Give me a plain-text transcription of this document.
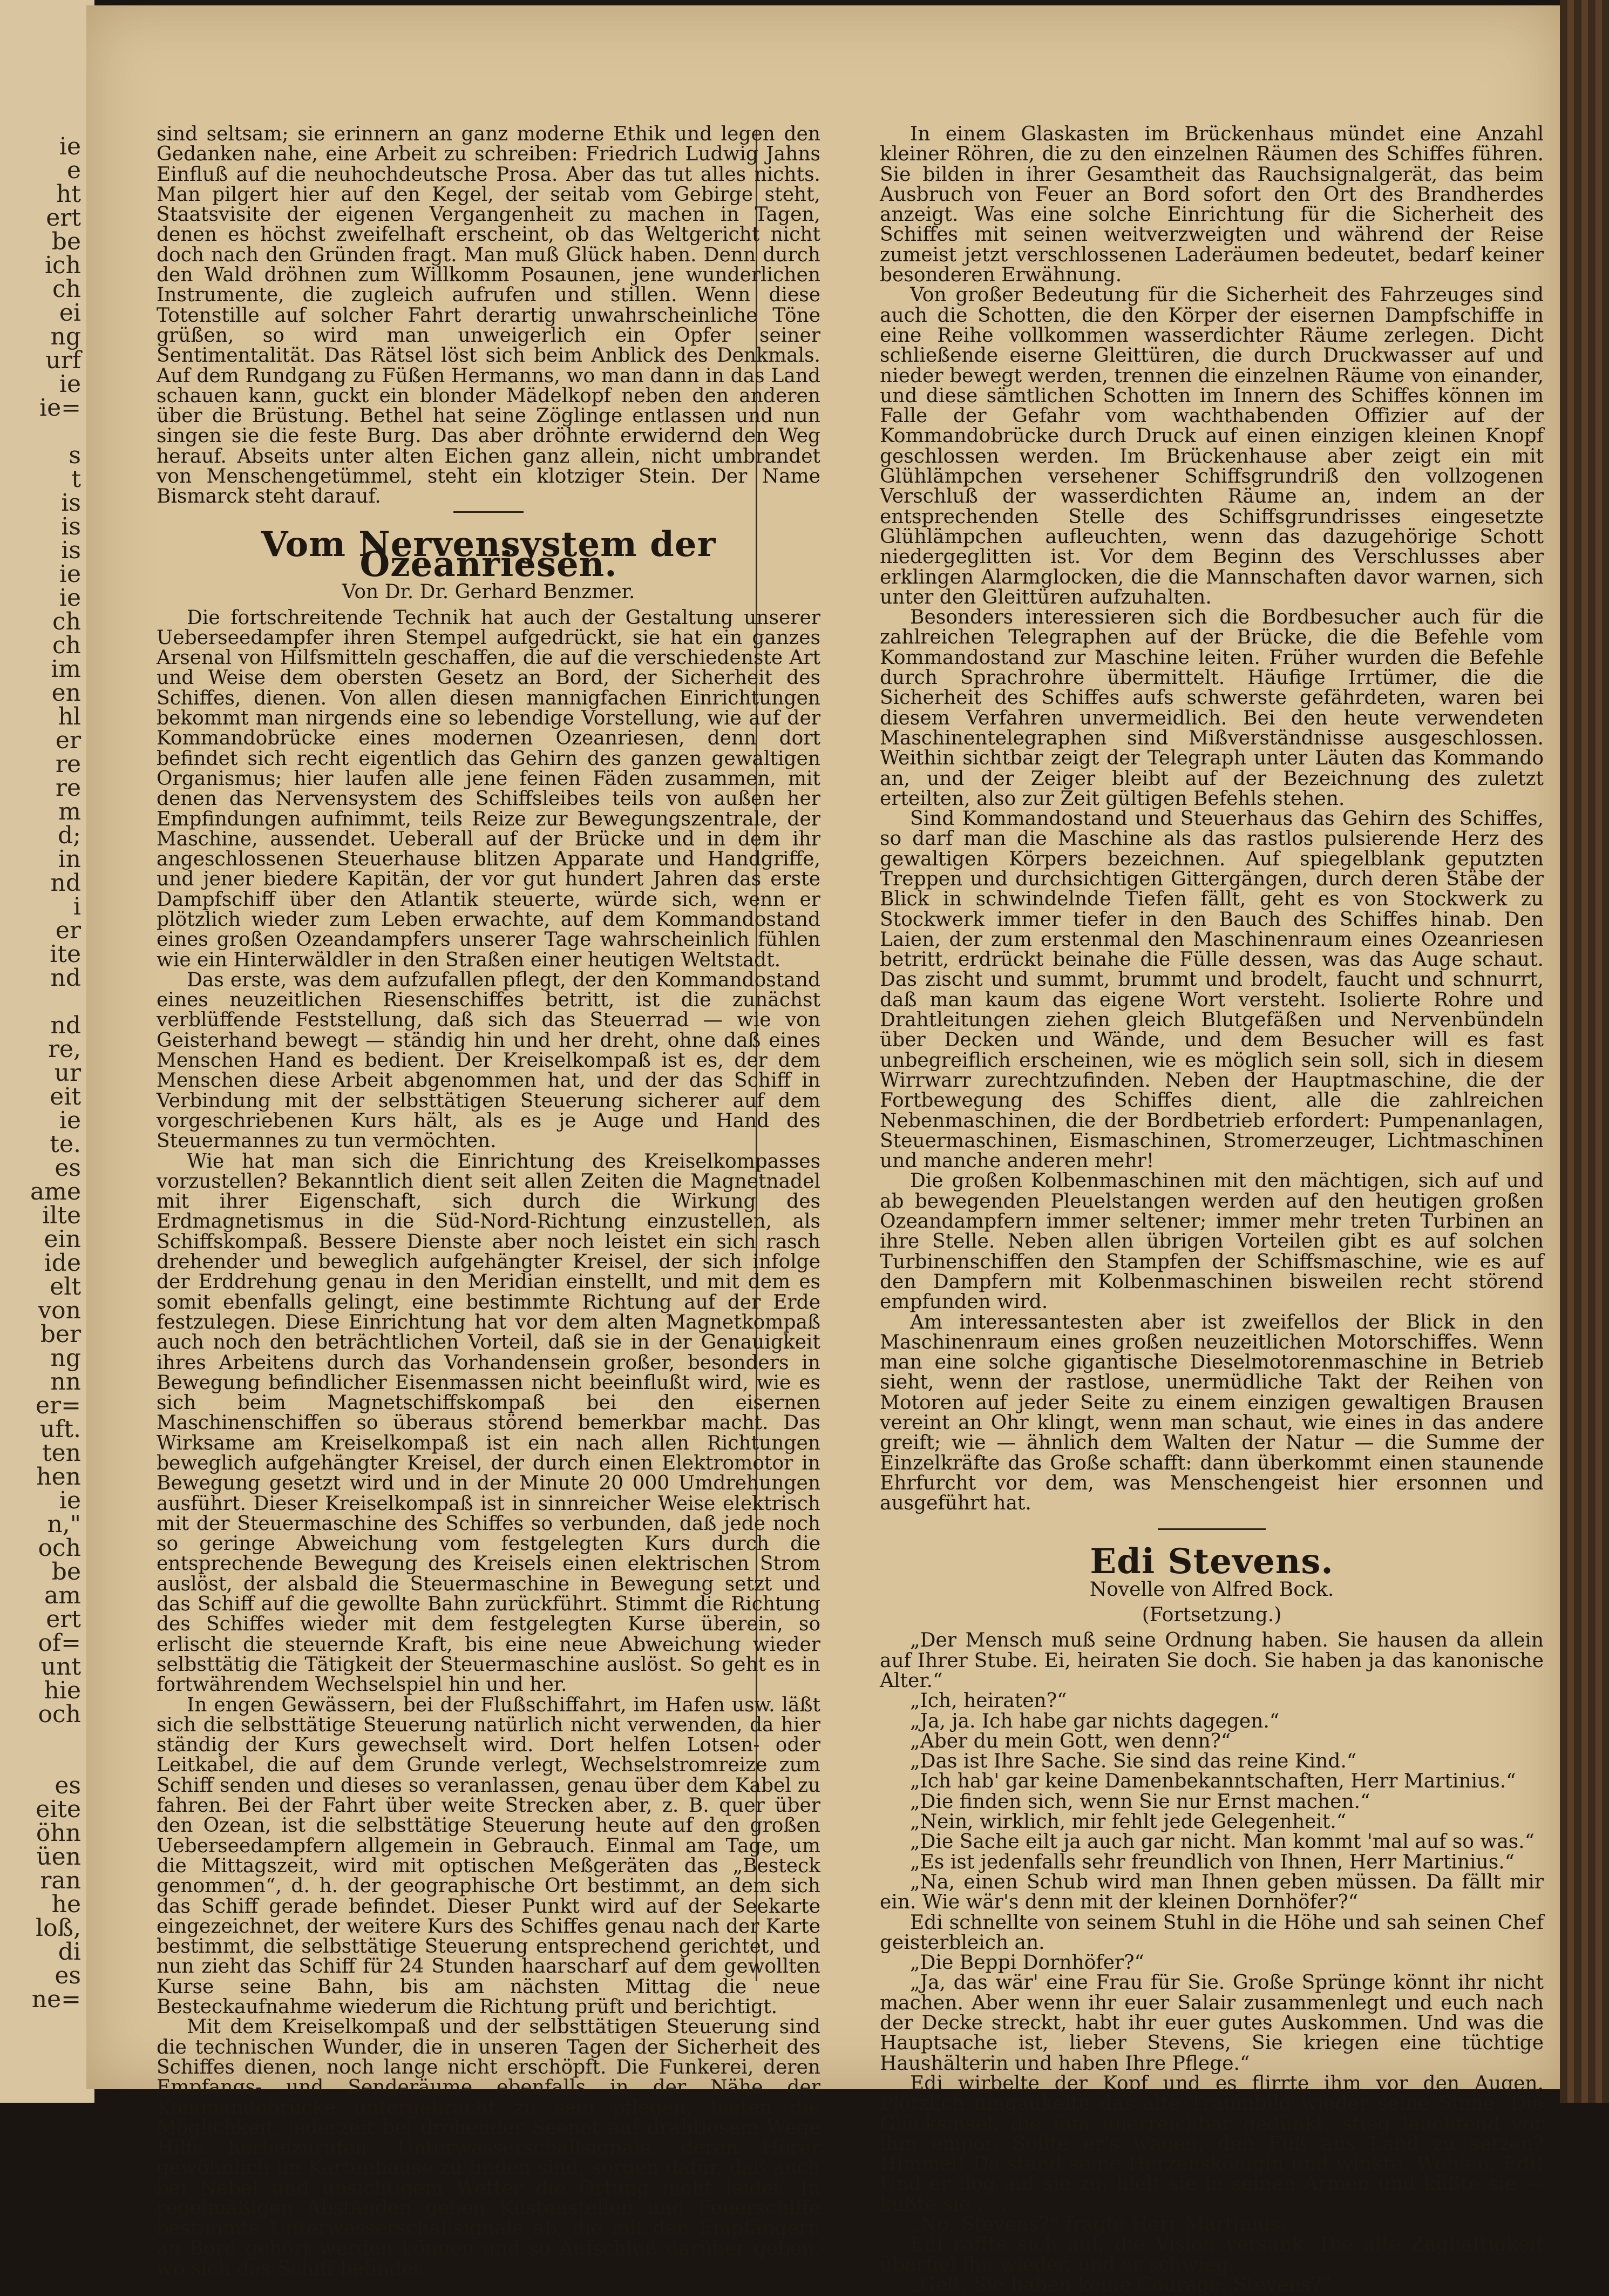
ie
e
ht
ert
be
ich
ch
ei
ng
urf
ie
ie=
s
t
is
is
is
ie
ie
ch
ch
im
en
hl
er
re
re
m
d;
in
nd
i
er
ite
nd
nd
re,
ur
eit
ie
te.
es
ame
ilte
ein
ide
elt
von
ber
ng
nn
er=
uft.
ten
hen
ie
n,"
och
be
am
ert
of=
unt
hie
och
es
eite
öhn
üen
ran
he
loß,
di
es
ne=

sind seltsam; sie erinnern an ganz moderne Ethik und legen den Gedanken nahe, eine Arbeit zu schreiben: Friedrich Ludwig Jahns Einfluß auf die neuhochdeutsche Prosa. Aber das tut alles nichts. Man pilgert hier auf den Kegel, der seitab vom Gebirge steht, Staatsvisite der eigenen Vergangenheit zu machen in Tagen, denen es höchst zweifelhaft erscheint, ob das Weltgericht nicht doch nach den Gründen fragt. Man muß Glück haben. Denn durch den Wald dröhnen zum Willkomm Posaunen, jene wunderlichen Instrumente, die zugleich aufrufen und stillen. Wenn diese Totenstille auf solcher Fahrt derartig unwahrscheinliche Töne grüßen, so wird man unweigerlich ein Opfer seiner Sentimentalität. Das Rätsel löst sich beim Anblick des Denkmals. Auf dem Rundgang zu Füßen Hermanns, wo man dann in das Land schauen kann, guckt ein blonder Mädelkopf neben den anderen über die Brüstung. Bethel hat seine Zöglinge entlassen und nun singen sie die feste Burg. Das aber dröhnte erwidernd den Weg herauf. Abseits unter alten Eichen ganz allein, nicht umbrandet von Menschengetümmel, steht ein klotziger Stein. Der Name Bismarck steht darauf.

Vom Nervensystem der Ozeanriesen.
Von Dr. Dr. Gerhard Benzmer.

Die fortschreitende Technik hat auch der Gestaltung unserer Ueberseedampfer ihren Stempel aufgedrückt, sie hat ein ganzes Arsenal von Hilfsmitteln geschaffen, die auf die verschiedenste Art und Weise dem obersten Gesetz an Bord, der Sicherheit des Schiffes, dienen. Von allen diesen mannigfachen Einrichtungen bekommt man nirgends eine so lebendige Vorstellung, wie auf der Kommandobrücke eines modernen Ozeanriesen, denn dort befindet sich recht eigentlich das Gehirn des ganzen gewaltigen Organismus; hier laufen alle jene feinen Fäden zusammen, mit denen das Nervensystem des Schiffsleibes teils von außen her Empfindungen aufnimmt, teils Reize zur Bewegungszentrale, der Maschine, aussendet. Ueberall auf der Brücke und in dem ihr angeschlossenen Steuerhause blitzen Apparate und Handgriffe, und jener biedere Kapitän, der vor gut hundert Jahren das erste Dampfschiff über den Atlantik steuerte, würde sich, wenn er plötzlich wieder zum Leben erwachte, auf dem Kommandostand eines großen Ozeandampfers unserer Tage wahrscheinlich fühlen wie ein Hinterwäldler in den Straßen einer heutigen Weltstadt.

Das erste, was dem aufzufallen pflegt, der den Kommandostand eines neuzeitlichen Riesenschiffes betritt, ist die zunächst verblüffende Feststellung, daß sich das Steuerrad — wie von Geisterhand bewegt — ständig hin und her dreht, ohne daß eines Menschen Hand es bedient. Der Kreiselkompaß ist es, der dem Menschen diese Arbeit abgenommen hat, und der das Schiff in Verbindung mit der selbsttätigen Steuerung sicherer auf dem vorgeschriebenen Kurs hält, als es je Auge und Hand des Steuermannes zu tun vermöchten.

Wie hat man sich die Einrichtung des Kreiselkompasses vorzustellen? Bekanntlich dient seit allen Zeiten die Magnetnadel mit ihrer Eigenschaft, sich durch die Wirkung des Erdmagnetismus in die Süd-Nord-Richtung einzustellen, als Schiffskompaß. Bessere Dienste aber noch leistet ein sich rasch drehender und beweglich aufgehängter Kreisel, der sich infolge der Erddrehung genau in den Meridian einstellt, und mit dem es somit ebenfalls gelingt, eine bestimmte Richtung auf der Erde festzulegen. Diese Einrichtung hat vor dem alten Magnetkompaß auch noch den beträchtlichen Vorteil, daß sie in der Genauigkeit ihres Arbeitens durch das Vorhandensein großer, besonders in Bewegung befindlicher Eisenmassen nicht beeinflußt wird, wie es sich beim Magnetschiffskompaß bei den eisernen Maschinenschiffen so überaus störend bemerkbar macht. Das Wirksame am Kreiselkompaß ist ein nach allen Richtungen beweglich aufgehängter Kreisel, der durch einen Elektromotor in Bewegung gesetzt wird und in der Minute 20 000 Umdrehungen ausführt. Dieser Kreiselkompaß ist in sinnreicher Weise elektrisch mit der Steuermaschine des Schiffes so verbunden, daß jede noch so geringe Abweichung vom festgelegten Kurs durch die entsprechende Bewegung des Kreisels einen elektrischen Strom auslöst, der alsbald die Steuermaschine in Bewegung setzt und das Schiff auf die gewollte Bahn zurückführt. Stimmt die Richtung des Schiffes wieder mit dem festgelegten Kurse überein, so erlischt die steuernde Kraft, bis eine neue Abweichung wieder selbsttätig die Tätigkeit der Steuermaschine auslöst. So geht es in fortwährendem Wechselspiel hin und her.

In engen Gewässern, bei der Flußschiffahrt, im Hafen usw. läßt sich die selbsttätige Steuerung natürlich nicht verwenden, da hier ständig der Kurs gewechselt wird. Dort helfen Lotsen- oder Leitkabel, die auf dem Grunde verlegt, Wechselstromreize zum Schiff senden und dieses so veranlassen, genau über dem Kabel zu fahren. Bei der Fahrt über weite Strecken aber, z. B. quer über den Ozean, ist die selbsttätige Steuerung heute auf den großen Ueberseedampfern allgemein in Gebrauch. Einmal am Tage, um die Mittagszeit, wird mit optischen Meßgeräten das „Besteck genommen“, d. h. der geographische Ort bestimmt, an dem sich das Schiff gerade befindet. Dieser Punkt wird auf der Seekarte eingezeichnet, der weitere Kurs des Schiffes genau nach der Karte bestimmt, die selbsttätige Steuerung entsprechend gerichtet, und nun zieht das Schiff für 24 Stunden haarscharf auf dem gewollten Kurse seine Bahn, bis am nächsten Mittag die neue Besteckaufnahme wiederum die Richtung prüft und berichtigt.

Mit dem Kreiselkompaß und der selbsttätigen Steuerung sind die technischen Wunder, die in unseren Tagen der Sicherheit des Schiffes dienen, noch lange nicht erschöpft. Die Funkerei, deren Empfangs- und Senderäume ebenfalls in der Nähe der Kommandobrücke untergebracht zu sein pflegen, bieten die Möglichkeit, jederzeit bei drohender Seenot auf drahtlosem Wege Hilfe herbeizurufen. Unterwasserschallsignale, deren Hörer gewöhnlich im Kartenhause zu finden sind, sorgen dafür, daß auch bei Nebel und unsichtigem Wetter die Ortung nicht leidet. In regelmäßigen Abständen geben Küstenstellen und Feuerschiffe bestimmte Unterwasserschallsignale ab, die mit den Empfängern an Bord gehört werden können und so Aufschluß darüber geben, wo sich das Schiff befindet.

In einem Glaskasten im Brückenhaus mündet eine Anzahl kleiner Röhren, die zu den einzelnen Räumen des Schiffes führen. Sie bilden in ihrer Gesamtheit das Rauchsignalgerät, das beim Ausbruch von Feuer an Bord sofort den Ort des Brandherdes anzeigt. Was eine solche Einrichtung für die Sicherheit des Schiffes mit seinen weitverzweigten und während der Reise zumeist jetzt verschlossenen Laderäumen bedeutet, bedarf keiner besonderen Erwähnung.

Von großer Bedeutung für die Sicherheit des Fahrzeuges sind auch die Schotten, die den Körper der eisernen Dampfschiffe in eine Reihe vollkommen wasserdichter Räume zerlegen. Dicht schließende eiserne Gleittüren, die durch Druckwasser auf und nieder bewegt werden, trennen die einzelnen Räume von einander, und diese sämtlichen Schotten im Innern des Schiffes können im Falle der Gefahr vom wachthabenden Offizier auf der Kommandobrücke durch Druck auf einen einzigen kleinen Knopf geschlossen werden. Im Brückenhause aber zeigt ein mit Glühlämpchen versehener Schiffsgrundriß den vollzogenen Verschluß der wasserdichten Räume an, indem an der entsprechenden Stelle des Schiffsgrundrisses eingesetzte Glühlämpchen aufleuchten, wenn das dazugehörige Schott niedergeglitten ist. Vor dem Beginn des Verschlusses aber erklingen Alarmglocken, die die Mannschaften davor warnen, sich unter den Gleittüren aufzuhalten.

Besonders interessieren sich die Bordbesucher auch für die zahlreichen Telegraphen auf der Brücke, die die Befehle vom Kommandostand zur Maschine leiten. Früher wurden die Befehle durch Sprachrohre übermittelt. Häufige Irrtümer, die die Sicherheit des Schiffes aufs schwerste gefährdeten, waren bei diesem Verfahren unvermeidlich. Bei den heute verwendeten Maschinentelegraphen sind Mißverständnisse ausgeschlossen. Weithin sichtbar zeigt der Telegraph unter Läuten das Kommando an, und der Zeiger bleibt auf der Bezeichnung des zuletzt erteilten, also zur Zeit gültigen Befehls stehen.

Sind Kommandostand und Steuerhaus das Gehirn des Schiffes, so darf man die Maschine als das rastlos pulsierende Herz des gewaltigen Körpers bezeichnen. Auf spiegelblank geputzten Treppen und durchsichtigen Gittergängen, durch deren Stäbe der Blick in schwindelnde Tiefen fällt, geht es von Stockwerk zu Stockwerk immer tiefer in den Bauch des Schiffes hinab. Den Laien, der zum erstenmal den Maschinenraum eines Ozeanriesen betritt, erdrückt beinahe die Fülle dessen, was das Auge schaut. Das zischt und summt, brummt und brodelt, faucht und schnurrt, daß man kaum das eigene Wort versteht. Isolierte Rohre und Drahtleitungen ziehen gleich Blutgefäßen und Nervenbündeln über Decken und Wände, und dem Besucher will es fast unbegreiflich erscheinen, wie es möglich sein soll, sich in diesem Wirrwarr zurechtzufinden. Neben der Hauptmaschine, die der Fortbewegung des Schiffes dient, alle die zahlreichen Nebenmaschinen, die der Bordbetrieb erfordert: Pumpenanlagen, Steuermaschinen, Eismaschinen, Stromerzeuger, Lichtmaschinen und manche anderen mehr!

Die großen Kolbenmaschinen mit den mächtigen, sich auf und ab bewegenden Pleuelstangen werden auf den heutigen großen Ozeandampfern immer seltener; immer mehr treten Turbinen an ihre Stelle. Neben allen übrigen Vorteilen gibt es auf solchen Turbinenschiffen den Stampfen der Schiffsmaschine, wie es auf den Dampfern mit Kolbenmaschinen bisweilen recht störend empfunden wird.

Am interessantesten aber ist zweifellos der Blick in den Maschinenraum eines großen neuzeitlichen Motorschiffes. Wenn man eine solche gigantische Dieselmotorenmaschine in Betrieb sieht, wenn der rastlose, unermüdliche Takt der Reihen von Motoren auf jeder Seite zu einem einzigen gewaltigen Brausen vereint an Ohr klingt, wenn man schaut, wie eines in das andere greift; wie — ähnlich dem Walten der Natur — die Summe der Einzelkräfte das Große schafft: dann überkommt einen staunende Ehrfurcht vor dem, was Menschengeist hier ersonnen und ausgeführt hat.

Edi Stevens.
Novelle von Alfred Bock.
(Fortsetzung.)

„Der Mensch muß seine Ordnung haben. Sie hausen da allein auf Ihrer Stube. Ei, heiraten Sie doch. Sie haben ja das kanonische Alter.“

„Ich, heiraten?“

„Ja, ja. Ich habe gar nichts dagegen.“

„Aber du mein Gott, wen denn?“

„Das ist Ihre Sache. Sie sind das reine Kind.“

„Ich hab' gar keine Damenbekanntschaften, Herr Martinius.“

„Die finden sich, wenn Sie nur Ernst machen.“

„Nein, wirklich, mir fehlt jede Gelegenheit.“

„Die Sache eilt ja auch gar nicht. Man kommt 'mal auf so was.“

„Es ist jedenfalls sehr freundlich von Ihnen, Herr Martinius.“

„Na, einen Schub wird man Ihnen geben müssen. Da fällt mir ein. Wie wär's denn mit der kleinen Dornhöfer?“

Edi schnellte von seinem Stuhl in die Höhe und sah seinen Chef geisterbleich an.

„Die Beppi Dornhöfer?“

„Ja, das wär' eine Frau für Sie. Große Sprünge könnt ihr nicht machen. Aber wenn ihr euer Salair zusammenlegt und euch nach der Decke streckt, habt ihr euer gutes Auskommen. Und was die Hauptsache ist, lieber Stevens, Sie kriegen eine tüchtige Haushälterin und haben Ihre Pflege.“

Edi wirbelte der Kopf und es flirrte ihm vor den Augen. Plötzlich umgaukelte das alte Traumbild wieder seine Sinne. Die Glücksinsel, die ihm unerreichbar gedünkt, stieg leuchtend vor ihm empor. Sollte er's wagen, den Fuß ans Land zu setzen? Himmel! Da stand seine Herzenskönigin und winkte. Wohlan, Edi! Und er flog auf sie zu, hielt sie in seinen Armen und küßte sie — küßte sie . . .

„No, Stevens?“ fragte Herr Martinius.

Edi raffte sich auf, die Vision versank. Die alte Zaghaftigkeit überfiel ihn wieder, und er schwieg.

„Gelt, Sie haben keine Courage, Stevens?“
